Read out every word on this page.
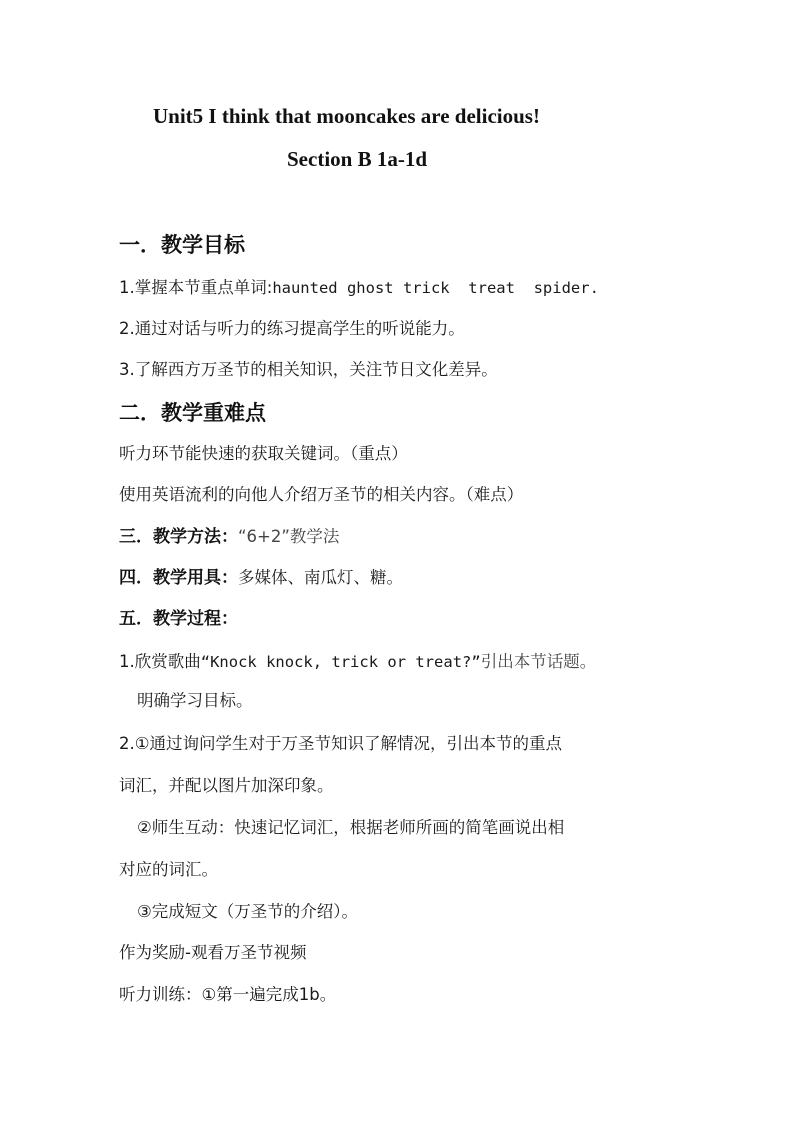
Unit5 I think that mooncakes are delicious!
Section B 1a-1d
一．教学目标
1.掌握本节重点单词:haunted ghost trick  treat  spider.
2.通过对话与听力的练习提高学生的听说能力。
3.了解西方万圣节的相关知识，关注节日文化差异。
二．教学重难点
听力环节能快速的获取关键词。（重点）
使用英语流利的向他人介绍万圣节的相关内容。（难点）
三．教学方法：“6+2”教学法
四．教学用具：多媒体、南瓜灯、糖。
五．教学过程：
1.欣赏歌曲“Knock knock, trick or treat?”引出本节话题。
明确学习目标。
2.①通过询问学生对于万圣节知识了解情况，引出本节的重点
词汇，并配以图片加深印象。
②师生互动：快速记忆词汇，根据老师所画的简笔画说出相
对应的词汇。
③完成短文（万圣节的介绍）。
作为奖励-观看万圣节视频
听力训练：①第一遍完成1b。
